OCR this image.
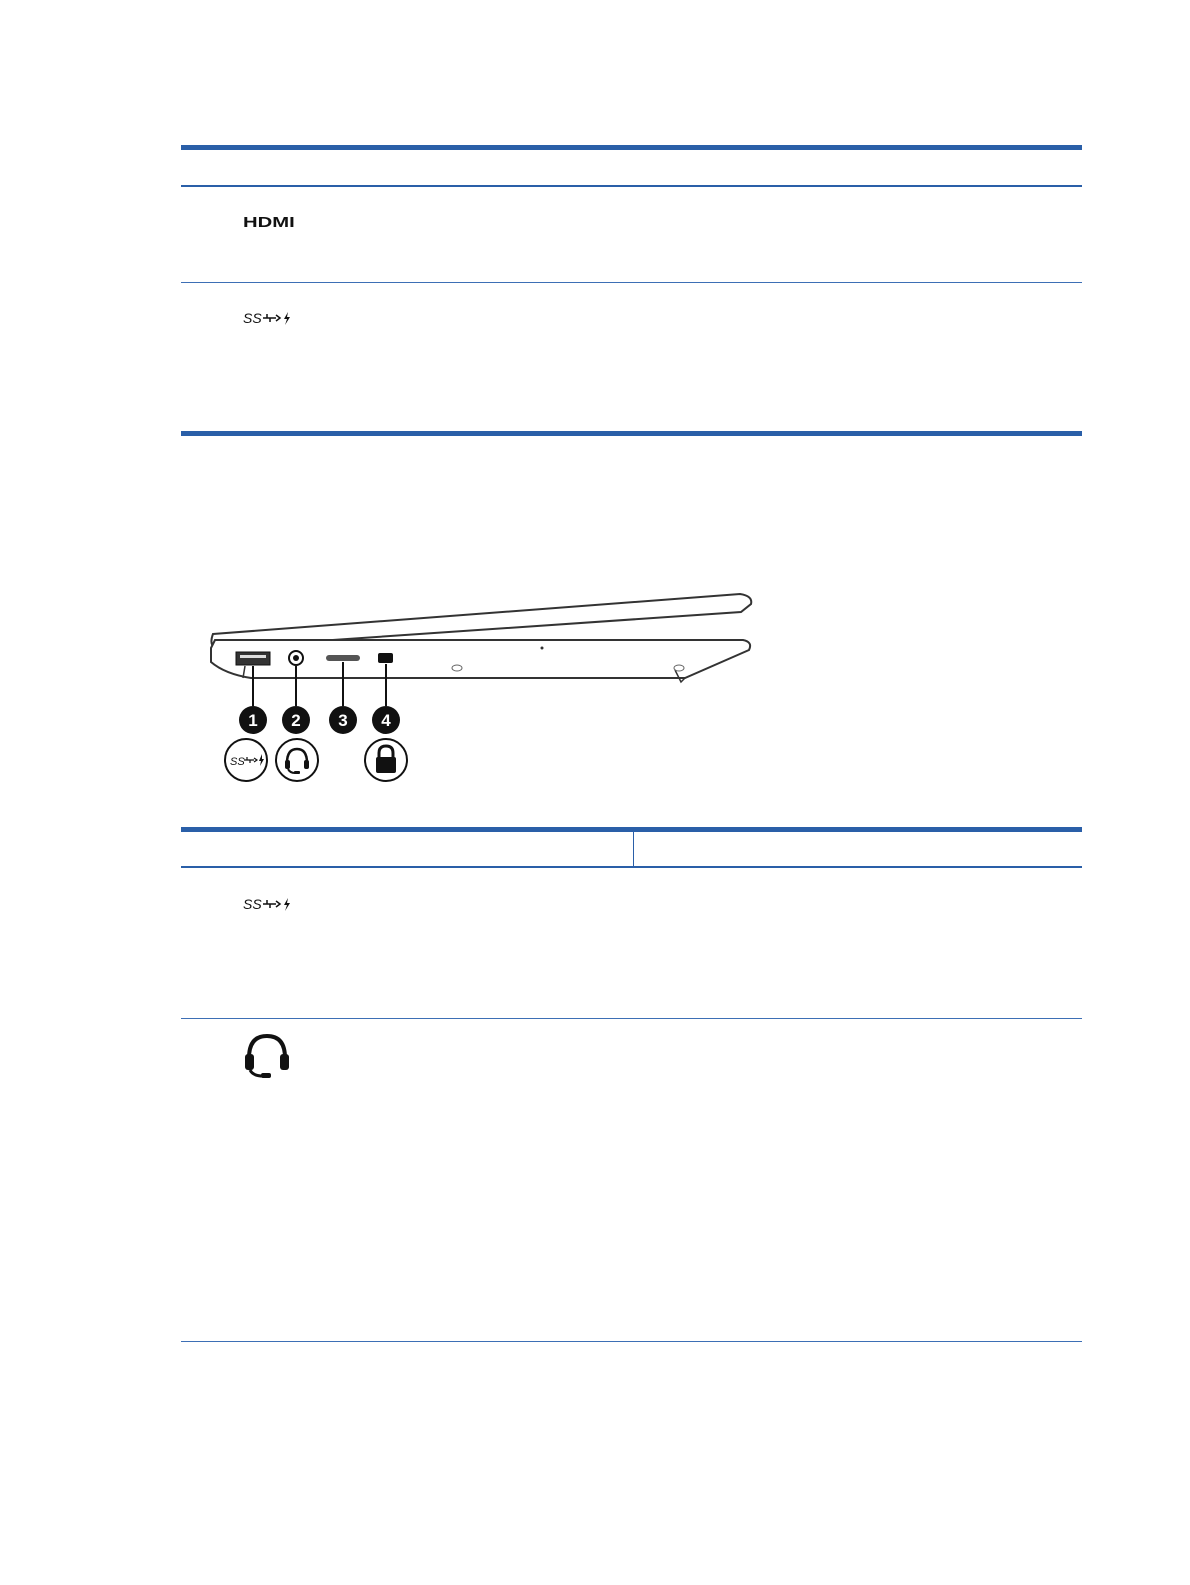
HDMI
SS
1 2 3 4
SS
SS
